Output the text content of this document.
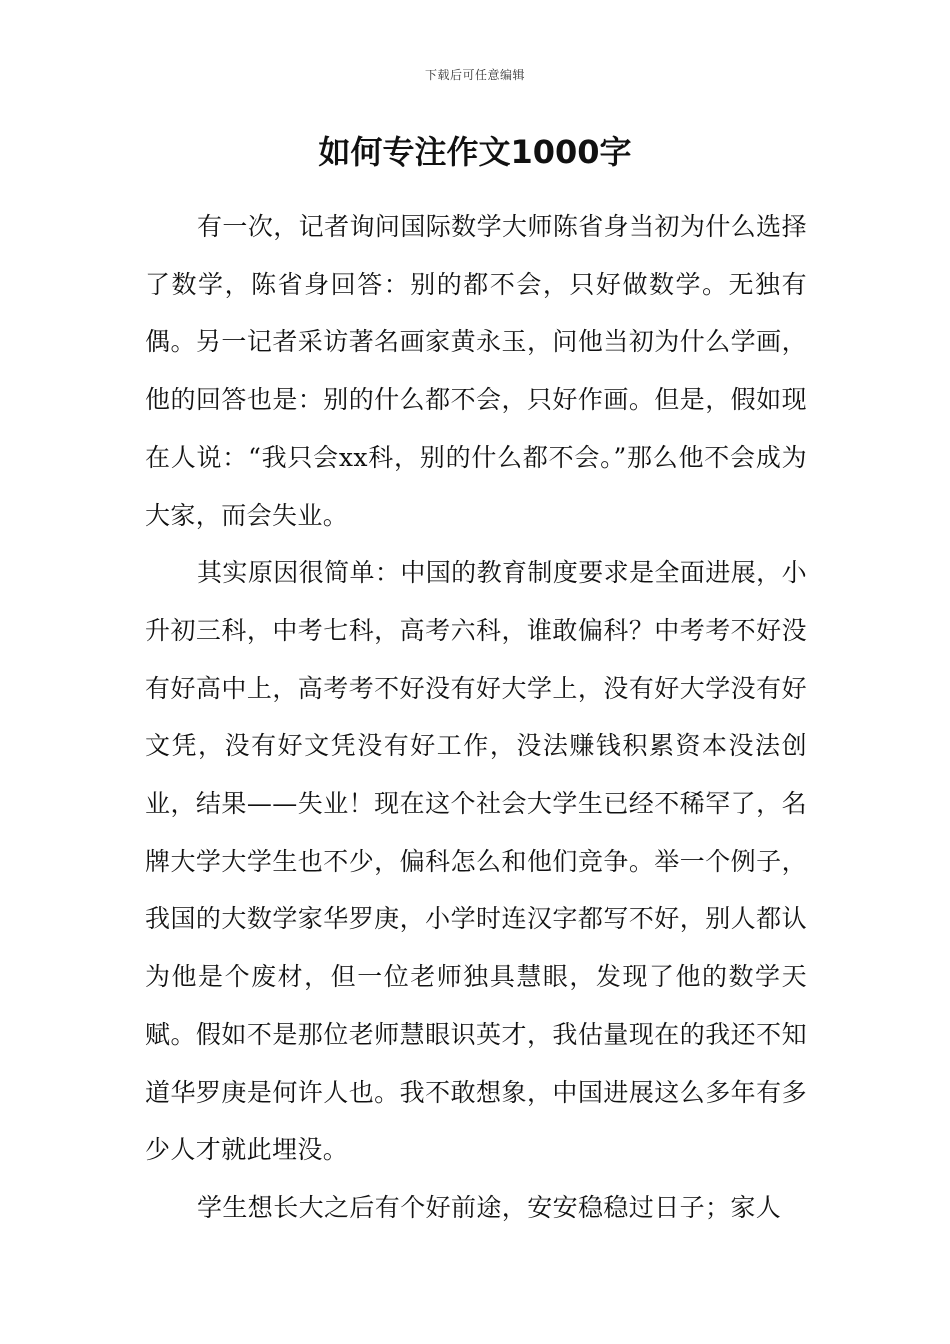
下载后可任意编辑
如何专注作文1000字

有一次，记者询问国际数学大师陈省身当初为什么选择了数学，陈省身回答：别的都不会，只好做数学。无独有偶。另一记者采访著名画家黄永玉，问他当初为什么学画，他的回答也是：别的什么都不会，只好作画。但是，假如现在人说：“我只会xx科，别的什么都不会。”那么他不会成为大家，而会失业。

其实原因很简单：中国的教育制度要求是全面进展，小升初三科，中考七科，高考六科，谁敢偏科？中考考不好没有好高中上，高考考不好没有好大学上，没有好大学没有好文凭，没有好文凭没有好工作，没法赚钱积累资本没法创业，结果——失业！现在这个社会大学生已经不稀罕了，名牌大学大学生也不少，偏科怎么和他们竞争。举一个例子，我国的大数学家华罗庚，小学时连汉字都写不好，别人都认为他是个废材，但一位老师独具慧眼，发现了他的数学天赋。假如不是那位老师慧眼识英才，我估量现在的我还不知道华罗庚是何许人也。我不敢想象，中国进展这么多年有多少人才就此埋没。

学生想长大之后有个好前途，安安稳稳过日子；家人
